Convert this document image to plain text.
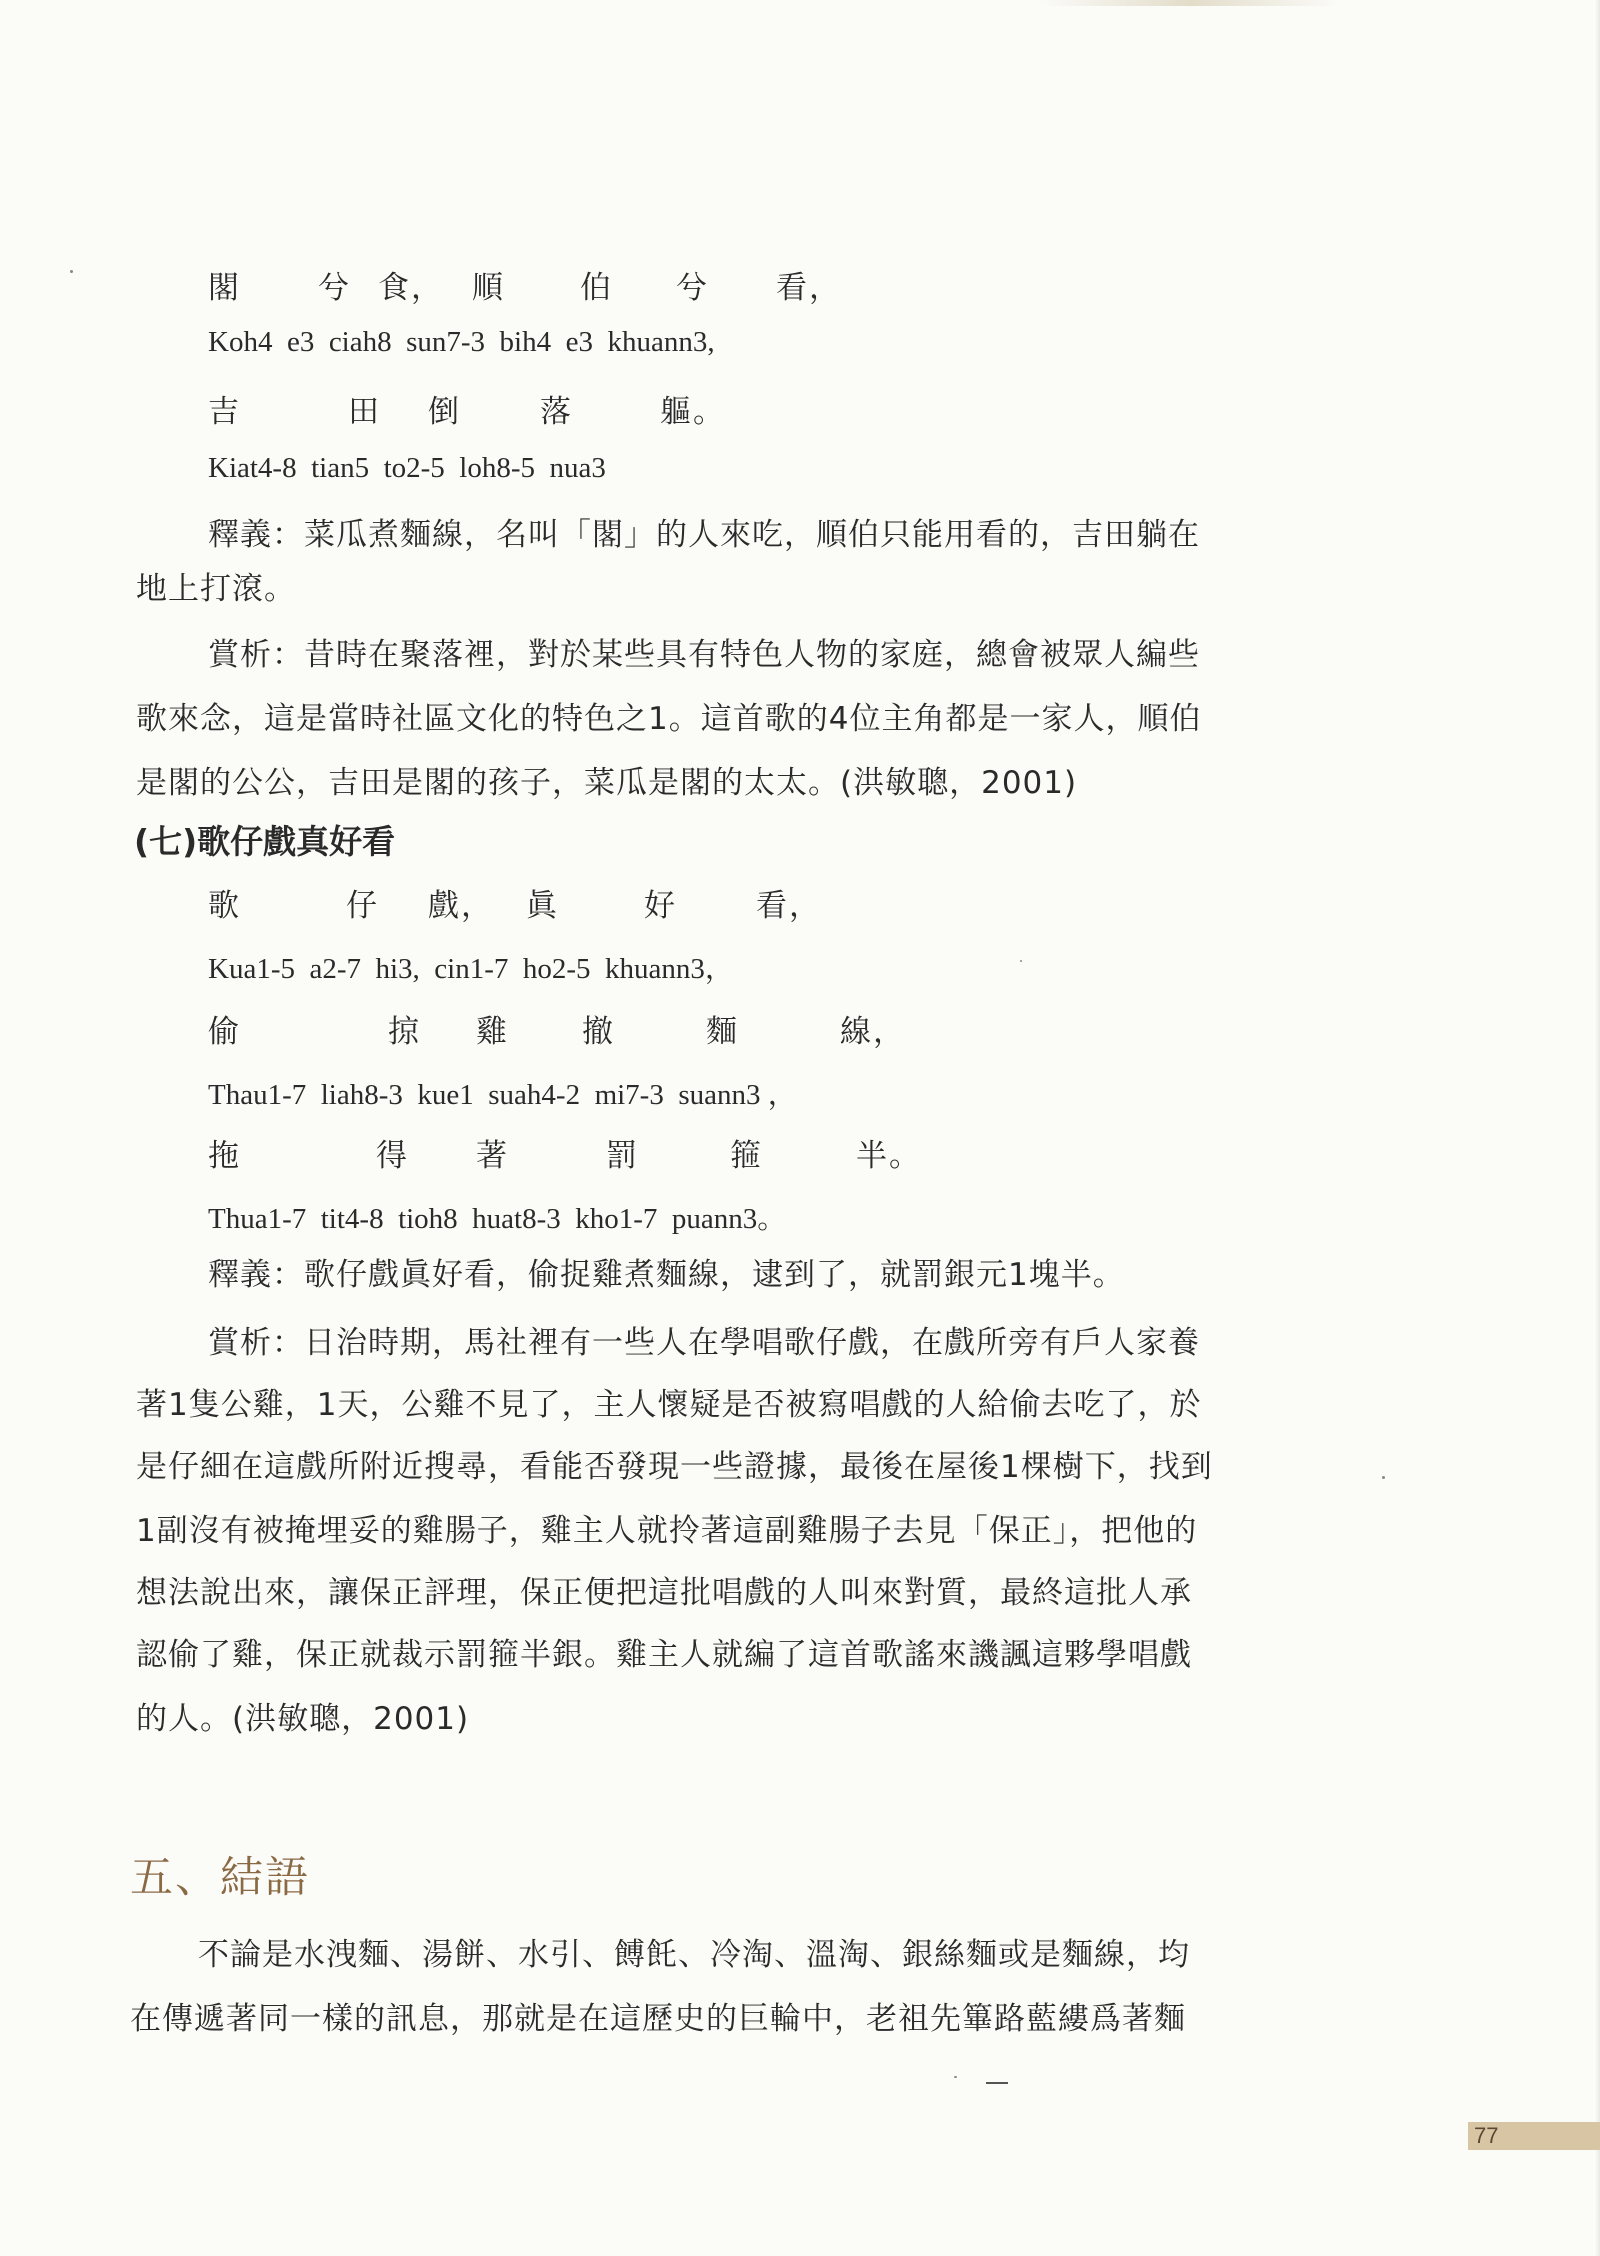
閣 兮 食， 順 伯 兮 看，
Koh4  e3  ciah8  sun7-3  bih4  e3  khuann3,
吉	田 倒	落	軀。
Kiat4-8  tian5  to2-5  loh8-5  nua3
釋義：菜瓜煮麵線，名叫「閣」的人來吃，順伯只能用看的，吉田躺在
地上打滾。
賞析：昔時在聚落裡，對於某些具有特色人物的家庭，總會被眾人編些
歌來念，這是當時社區文化的特色之1。這首歌的4位主角都是一家人，順伯
是閣的公公，吉田是閣的孩子，菜瓜是閣的太太。(洪敏聰，2001)
(七)歌仔戲真好看
歌	仔 戲， 眞	好	看，
Kua1-5  a2-7  hi3,  cin1-7  ho2-5  khuann3，
偷	掠 雞 撤	麵	線，
Thau1-7  liah8-3  kue1  suah4-2  mi7-3  suann3 ，
拖	得 著	罰	箍	半。
Thua1-7  tit4-8  tioh8  huat8-3  kho1-7  puann3。
釋義：歌仔戲眞好看，偷捉雞煮麵線，逮到了，就罰銀元1塊半。
賞析：日治時期，馬社裡有一些人在學唱歌仔戲，在戲所旁有戶人家養
著1隻公雞，1天，公雞不見了，主人懷疑是否被寫唱戲的人給偷去吃了，於
是仔細在這戲所附近搜尋，看能否發現一些證據，最後在屋後1棵樹下，找到
1副沒有被掩埋妥的雞腸子，雞主人就拎著這副雞腸子去見「保正」，把他的
想法說出來，讓保正評理，保正便把這批唱戲的人叫來對質，最終這批人承
認偷了雞，保正就裁示罰箍半銀。雞主人就編了這首歌謠來譏諷這夥學唱戲
的人。(洪敏聰，2001)
五、結語
不論是水洩麵、湯餅、水引、餺飥、冷淘、溫淘、銀絲麵或是麵線，均
在傳遞著同一樣的訊息，那就是在這歷史的巨輪中，老祖先篳路藍縷爲著麵
77
